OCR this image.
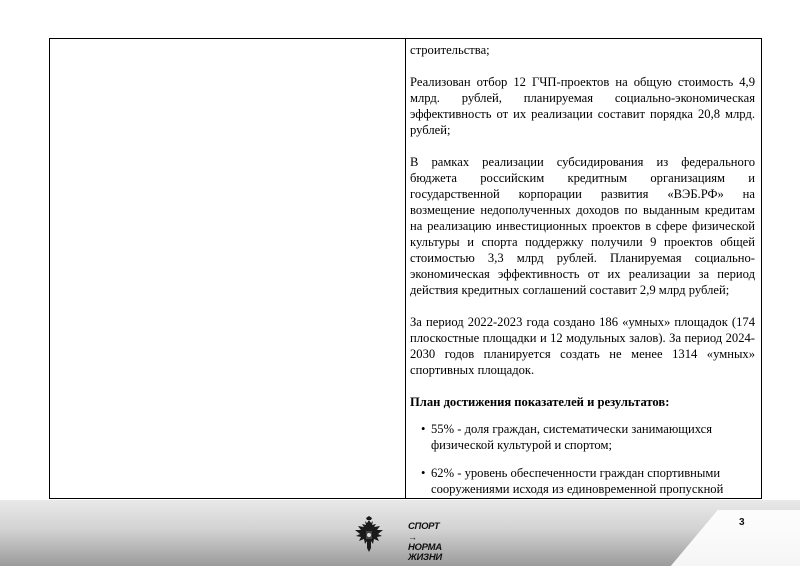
строительства;

Реализован отбор 12 ГЧП-проектов на общую стоимость 4,9 млрд. рублей, планируемая социально-экономическая эффективность от их реализации составит порядка 20,8 млрд. рублей;

В рамках реализации субсидирования из федерального бюджета российским кредитным организациям и государственной корпорации развития «ВЭБ.РФ» на возмещение недополученных доходов по выданным кредитам на реализацию инвестиционных проектов в сфере физической культуры и спорта поддержку получили 9 проектов общей стоимостью 3,3 млрд рублей. Планируемая социально-экономическая эффективность от их реализации за период действия кредитных соглашений составит 2,9 млрд рублей;

За период 2022-2023 года создано 186 «умных» площадок (174 плоскостные площадки и 12 модульных залов). За период 2024-2030 годов планируется создать не менее 1314 «умных» спортивных площадок.

План достижения показателей и результатов:
• 55% - доля граждан, систематически занимающихся физической культурой и спортом;
• 62% - уровень обеспеченности граждан спортивными сооружениями исходя из единовременной пропускной
СПОРТ
→
НОРМА
ЖИЗНИ
3
